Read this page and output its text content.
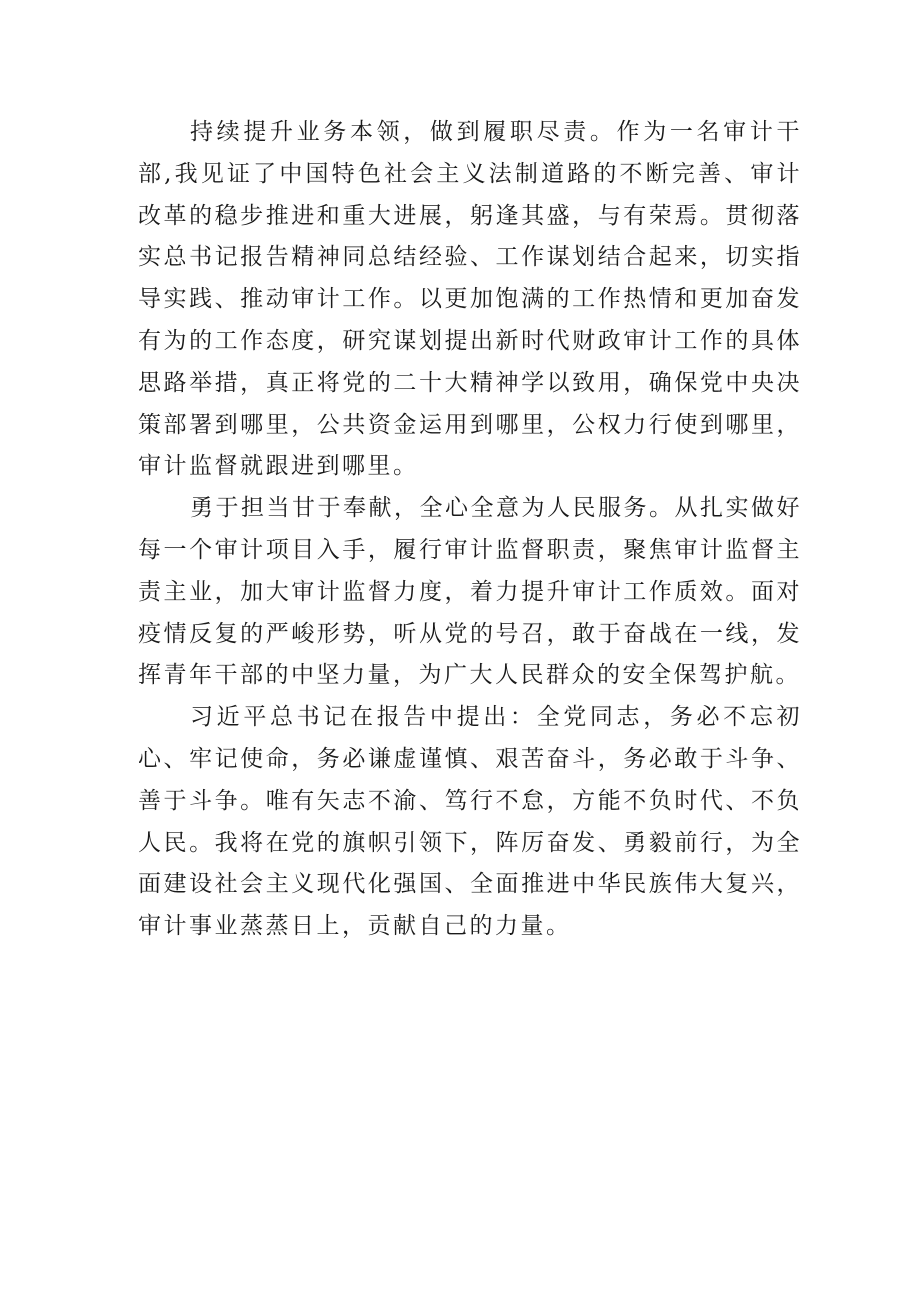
持续提升业务本领，做到履职尽责。作为一名审计干部,我见证了中国特色社会主义法制道路的不断完善、审计改革的稳步推进和重大进展，躬逢其盛，与有荣焉。贯彻落实总书记报告精神同总结经验、工作谋划结合起来，切实指导实践、推动审计工作。以更加饱满的工作热情和更加奋发有为的工作态度，研究谋划提出新时代财政审计工作的具体思路举措，真正将党的二十大精神学以致用，确保党中央决策部署到哪里，公共资金运用到哪里，公权力行使到哪里，审计监督就跟进到哪里。

勇于担当甘于奉献，全心全意为人民服务。从扎实做好每一个审计项目入手，履行审计监督职责，聚焦审计监督主责主业，加大审计监督力度，着力提升审计工作质效。面对疫情反复的严峻形势，听从党的号召，敢于奋战在一线，发挥青年干部的中坚力量，为广大人民群众的安全保驾护航。

习近平总书记在报告中提出：全党同志，务必不忘初心、牢记使命，务必谦虚谨慎、艰苦奋斗，务必敢于斗争、善于斗争。唯有矢志不渝、笃行不怠，方能不负时代、不负人民。我将在党的旗帜引领下，阵厉奋发、勇毅前行，为全面建设社会主义现代化强国、全面推进中华民族伟大复兴，审计事业蒸蒸日上，贡献自己的力量。
